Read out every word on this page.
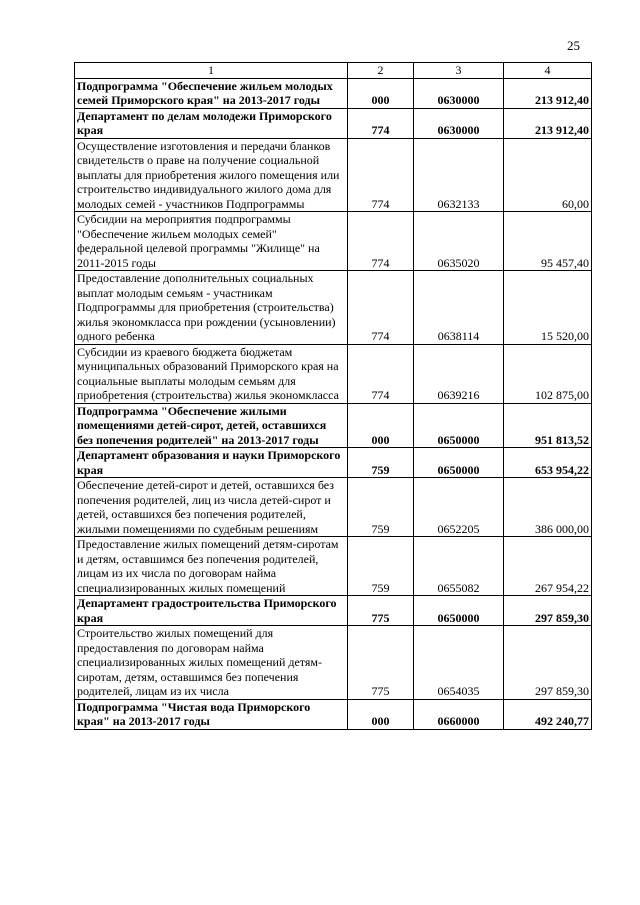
25
1	2	3	4
Подпрограмма "Обеспечение жильем молодых семей Приморского края" на 2013-2017 годы	000	0630000	213 912,40
Департамент по делам молодежи Приморского края	774	0630000	213 912,40
Осуществление изготовления и передачи бланков свидетельств о праве на получение социальной выплаты для приобретения жилого помещения или строительство индивидуального жилого дома для молодых семей - участников Подпрограммы	774	0632133	60,00
Субсидии на мероприятия подпрограммы "Обеспечение жильем молодых семей" федеральной целевой программы "Жилище" на 2011-2015 годы	774	0635020	95 457,40
Предоставление дополнительных социальных выплат молодым семьям - участникам Подпрограммы для приобретения (строительства) жилья экономкласса при рождении (усыновлении) одного ребенка	774	0638114	15 520,00
Субсидии из краевого бюджета бюджетам муниципальных образований Приморского края на социальные выплаты молодым семьям для приобретения (строительства) жилья экономкласса	774	0639216	102 875,00
Подпрограмма "Обеспечение жилыми помещениями детей-сирот, детей, оставшихся без попечения родителей" на 2013-2017 годы	000	0650000	951 813,52
Департамент образования и науки Приморского края	759	0650000	653 954,22
Обеспечение детей-сирот и детей, оставшихся без попечения родителей, лиц из числа детей-сирот и детей, оставшихся без попечения родителей, жилыми помещениями по судебным решениям	759	0652205	386 000,00
Предоставление жилых помещений детям-сиротам и детям, оставшимся без попечения родителей, лицам из их числа по договорам найма специализированных жилых помещений	759	0655082	267 954,22
Департамент градостроительства Приморского края	775	0650000	297 859,30
Строительство жилых помещений для предоставления по договорам найма специализированных жилых помещений детям-сиротам, детям, оставшимся без попечения родителей, лицам из их числа	775	0654035	297 859,30
Подпрограмма "Чистая вода Приморского края" на 2013-2017 годы	000	0660000	492 240,77
